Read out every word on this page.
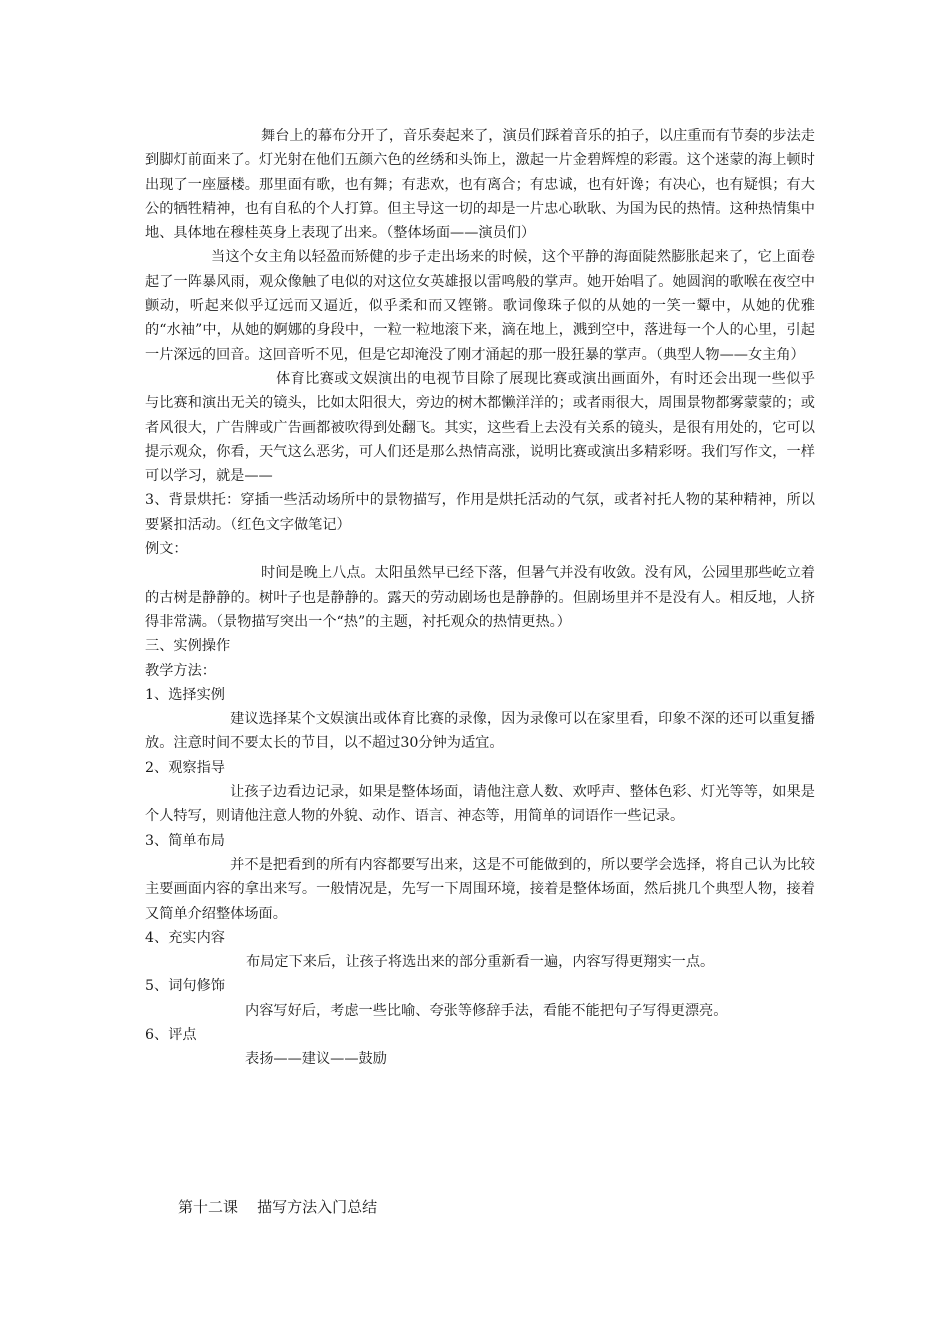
舞台上的幕布分开了，音乐奏起来了，演员们踩着音乐的拍子，以庄重而有节奏的步法走到脚灯前面来了。灯光射在他们五颜六色的丝绣和头饰上，激起一片金碧辉煌的彩霞。这个迷蒙的海上顿时出现了一座蜃楼。那里面有歌，也有舞；有悲欢，也有离合；有忠诚，也有奸谗；有决心，也有疑惧；有大公的牺牲精神，也有自私的个人打算。但主导这一切的却是一片忠心耿耿、为国为民的热情。这种热情集中地、具体地在穆桂英身上表现了出来。（整体场面——演员们）

当这个女主角以轻盈而矫健的步子走出场来的时候，这个平静的海面陡然膨胀起来了，它上面卷起了一阵暴风雨，观众像触了电似的对这位女英雄报以雷鸣般的掌声。她开始唱了。她圆润的歌喉在夜空中颤动，听起来似乎辽远而又逼近，似乎柔和而又铿锵。歌词像珠子似的从她的一笑一颦中，从她的优雅的“水袖”中，从她的婀娜的身段中，一粒一粒地滚下来，滴在地上，溅到空中，落进每一个人的心里，引起一片深远的回音。这回音听不见，但是它却淹没了刚才涌起的那一股狂暴的掌声。（典型人物——女主角）

体育比赛或文娱演出的电视节目除了展现比赛或演出画面外，有时还会出现一些似乎与比赛和演出无关的镜头，比如太阳很大，旁边的树木都懒洋洋的；或者雨很大，周围景物都雾蒙蒙的；或者风很大，广告牌或广告画都被吹得到处翻飞。其实，这些看上去没有关系的镜头，是很有用处的，它可以提示观众，你看，天气这么恶劣，可人们还是那么热情高涨，说明比赛或演出多精彩呀。我们写作文，一样可以学习，就是——

3、背景烘托：穿插一些活动场所中的景物描写，作用是烘托活动的气氛，或者衬托人物的某种精神，所以要紧扣活动。（红色文字做笔记）

例文：

时间是晚上八点。太阳虽然早已经下落，但暑气并没有收敛。没有风，公园里那些屹立着的古树是静静的。树叶子也是静静的。露天的劳动剧场也是静静的。但剧场里并不是没有人。相反地，人挤得非常满。（景物描写突出一个“热”的主题，衬托观众的热情更热。）

三、实例操作

教学方法：

1、选择实例

建议选择某个文娱演出或体育比赛的录像，因为录像可以在家里看，印象不深的还可以重复播放。注意时间不要太长的节目，以不超过30分钟为适宜。

2、观察指导

让孩子边看边记录，如果是整体场面，请他注意人数、欢呼声、整体色彩、灯光等等，如果是个人特写，则请他注意人物的外貌、动作、语言、神态等，用简单的词语作一些记录。

3、简单布局

并不是把看到的所有内容都要写出来，这是不可能做到的，所以要学会选择，将自己认为比较主要画面内容的拿出来写。一般情况是，先写一下周围环境，接着是整体场面，然后挑几个典型人物，接着又简单介绍整体场面。

4、充实内容

布局定下来后，让孩子将选出来的部分重新看一遍，内容写得更翔实一点。

5、词句修饰

内容写好后，考虑一些比喻、夸张等修辞手法，看能不能把句子写得更漂亮。

6、评点

表扬——建议——鼓励

第十二课    描写方法入门总结
